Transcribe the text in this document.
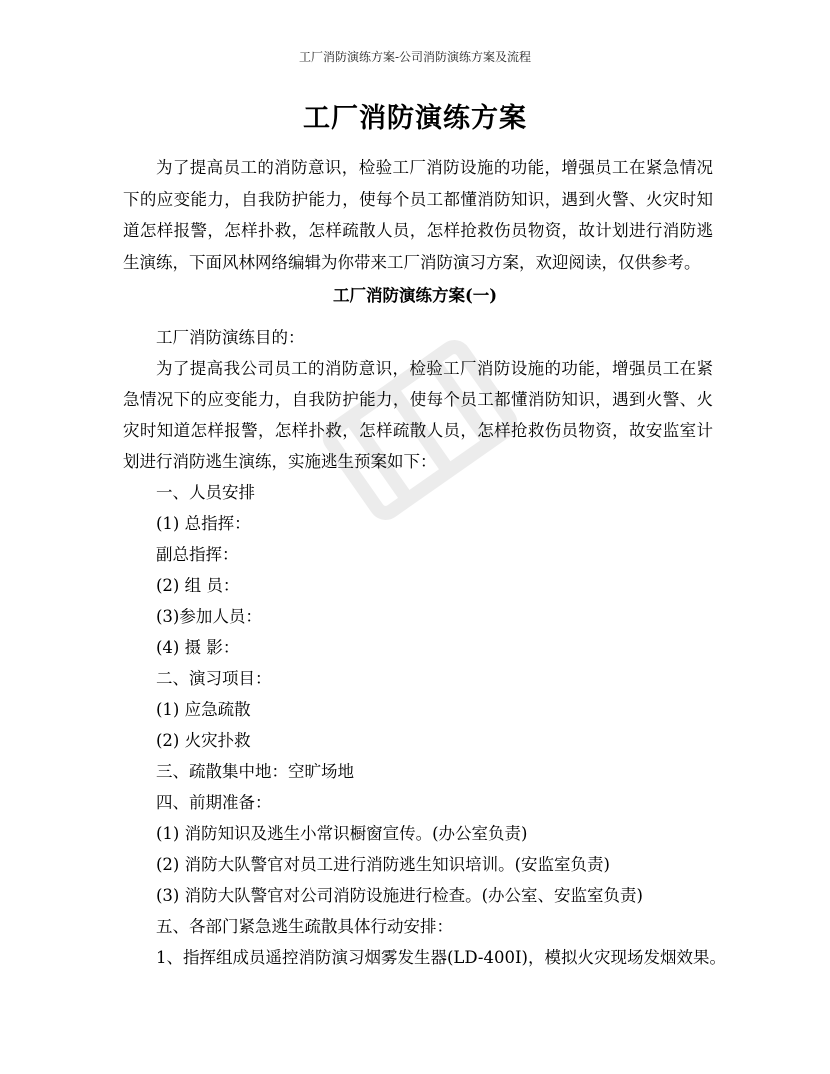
工厂消防演练方案-公司消防演练方案及流程
工厂消防演练方案
为了提高员工的消防意识，检验工厂消防设施的功能，增强员工在紧急情况下的应变能力，自我防护能力，使每个员工都懂消防知识，遇到火警、火灾时知道怎样报警，怎样扑救，怎样疏散人员，怎样抢救伤员物资，故计划进行消防逃生演练，下面风林网络编辑为你带来工厂消防演习方案，欢迎阅读，仅供参考。
工厂消防演练方案(一)
工厂消防演练目的：
为了提高我公司员工的消防意识，检验工厂消防设施的功能，增强员工在紧急情况下的应变能力，自我防护能力，使每个员工都懂消防知识，遇到火警、火灾时知道怎样报警，怎样扑救，怎样疏散人员，怎样抢救伤员物资，故安监室计划进行消防逃生演练，实施逃生预案如下：
一、人员安排
(1) 总指挥：
副总指挥：
(2) 组 员：
(3)参加人员：
(4) 摄 影：
二、演习项目：
(1) 应急疏散
(2) 火灾扑救
三、疏散集中地：空旷场地
四、前期准备：
(1) 消防知识及逃生小常识橱窗宣传。(办公室负责)
(2) 消防大队警官对员工进行消防逃生知识培训。(安监室负责)
(3) 消防大队警官对公司消防设施进行检查。(办公室、安监室负责)
五、各部门紧急逃生疏散具体行动安排：
1、指挥组成员遥控消防演习烟雾发生器(LD-400I)，模拟火灾现场发烟效果。
